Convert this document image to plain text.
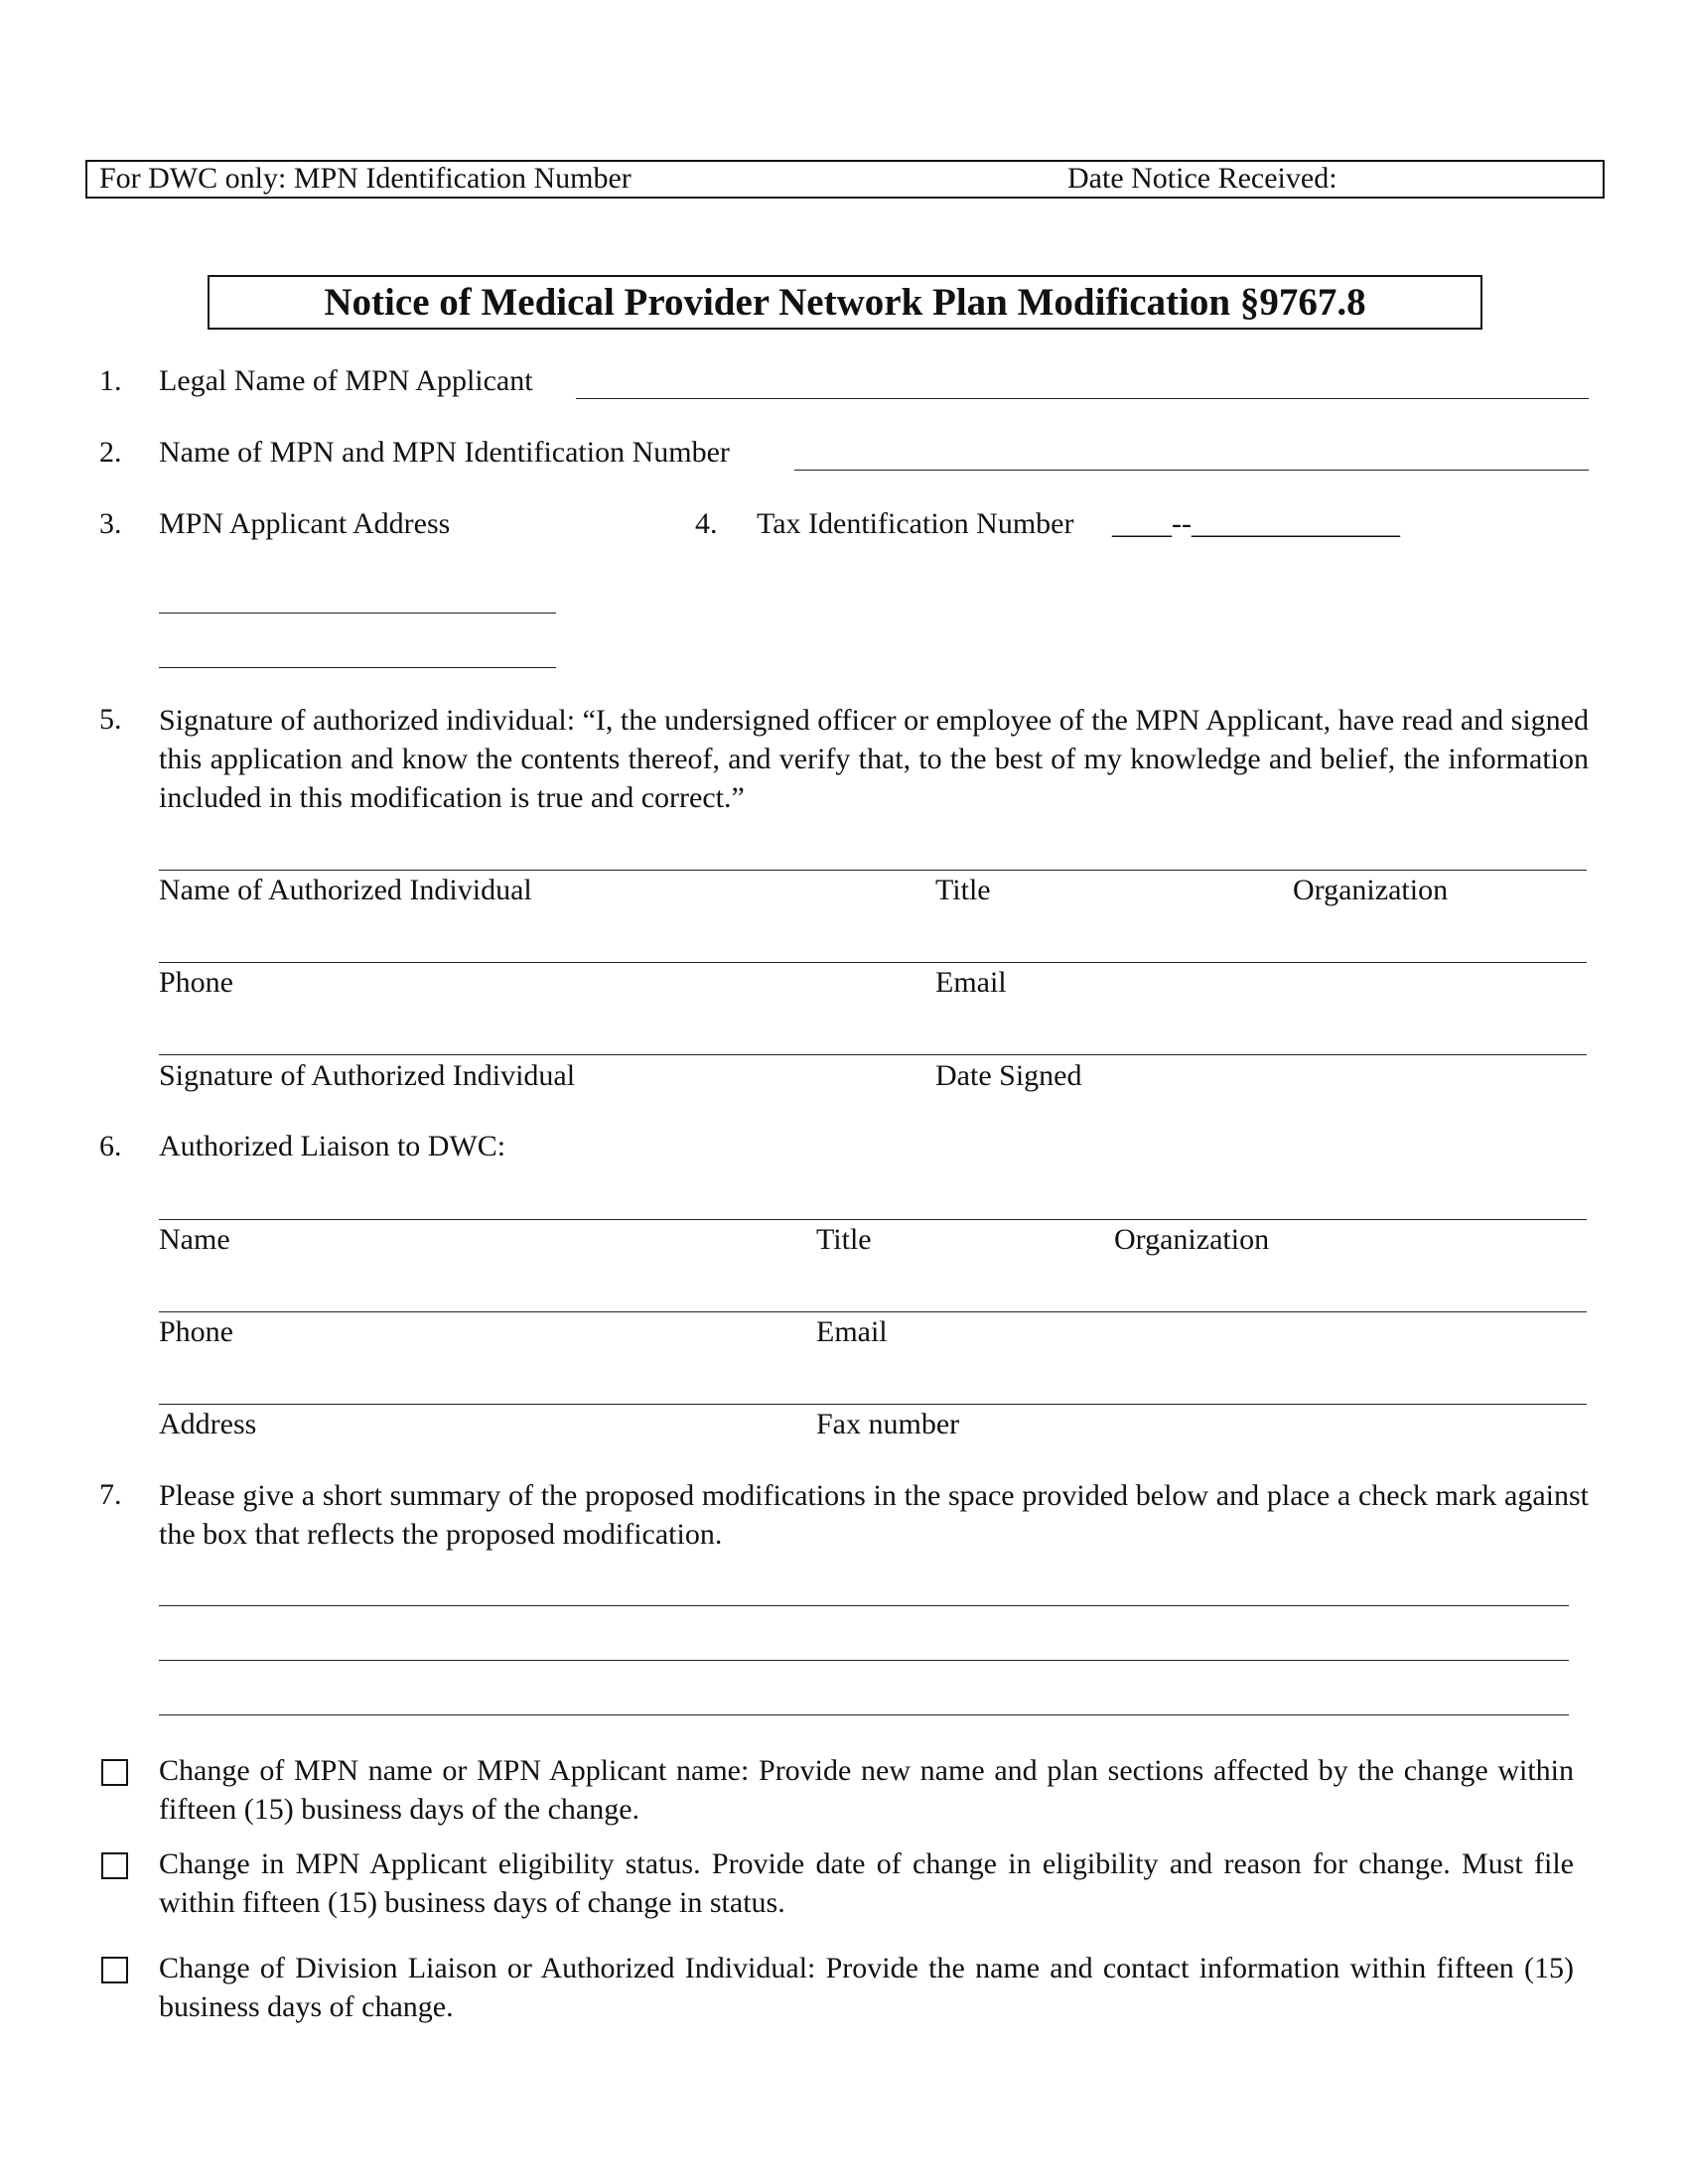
For DWC only: MPN Identification Number	Date Notice Received:
Notice of Medical Provider Network Plan Modification §9767.8
1. Legal Name of MPN Applicant
2. Name of MPN and MPN Identification Number
3. MPN Applicant Address	4. Tax Identification Number ____--______________
5. Signature of authorized individual: “I, the undersigned officer or employee of the MPN Applicant, have read and signed this application and know the contents thereof, and verify that, to the best of my knowledge and belief, the information included in this modification is true and correct.”
Name of Authorized Individual	Title	Organization
Phone	Email
Signature of Authorized Individual	Date Signed
6. Authorized Liaison to DWC:
Name	Title	Organization
Phone	Email
Address	Fax number
7. Please give a short summary of the proposed modifications in the space provided below and place a check mark against the box that reflects the proposed modification.
Change of MPN name or MPN Applicant name: Provide new name and plan sections affected by the change within fifteen (15) business days of the change.
Change in MPN Applicant eligibility status. Provide date of change in eligibility and reason for change. Must file within fifteen (15) business days of change in status.
Change of Division Liaison or Authorized Individual: Provide the name and contact information within fifteen (15) business days of change.
